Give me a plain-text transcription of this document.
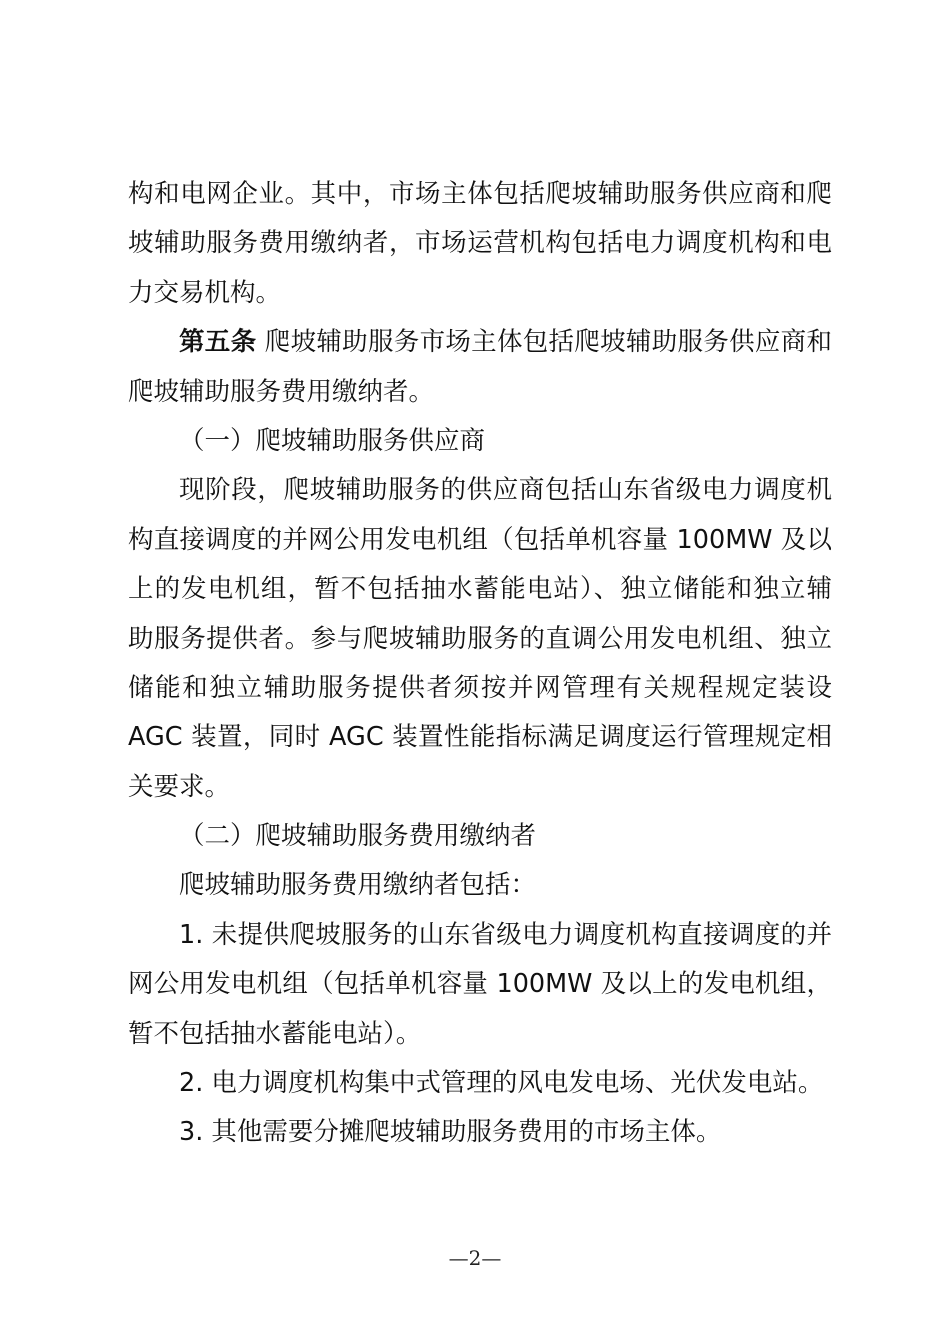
构和电网企业。其中，市场主体包括爬坡辅助服务供应商和爬
坡辅助服务费用缴纳者，市场运营机构包括电力调度机构和电
力交易机构。
第五条 爬坡辅助服务市场主体包括爬坡辅助服务供应商和
爬坡辅助服务费用缴纳者。
（一）爬坡辅助服务供应商
现阶段，爬坡辅助服务的供应商包括山东省级电力调度机
构直接调度的并网公用发电机组（包括单机容量 100MW 及以
上的发电机组，暂不包括抽水蓄能电站）、独立储能和独立辅
助服务提供者。参与爬坡辅助服务的直调公用发电机组、独立
储能和独立辅助服务提供者须按并网管理有关规程规定装设
AGC 装置，同时 AGC 装置性能指标满足调度运行管理规定相
关要求。
（二）爬坡辅助服务费用缴纳者
爬坡辅助服务费用缴纳者包括：
1. 未提供爬坡服务的山东省级电力调度机构直接调度的并
网公用发电机组（包括单机容量 100MW 及以上的发电机组，
暂不包括抽水蓄能电站）。
2. 电力调度机构集中式管理的风电发电场、光伏发电站。
3. 其他需要分摊爬坡辅助服务费用的市场主体。
—2—
